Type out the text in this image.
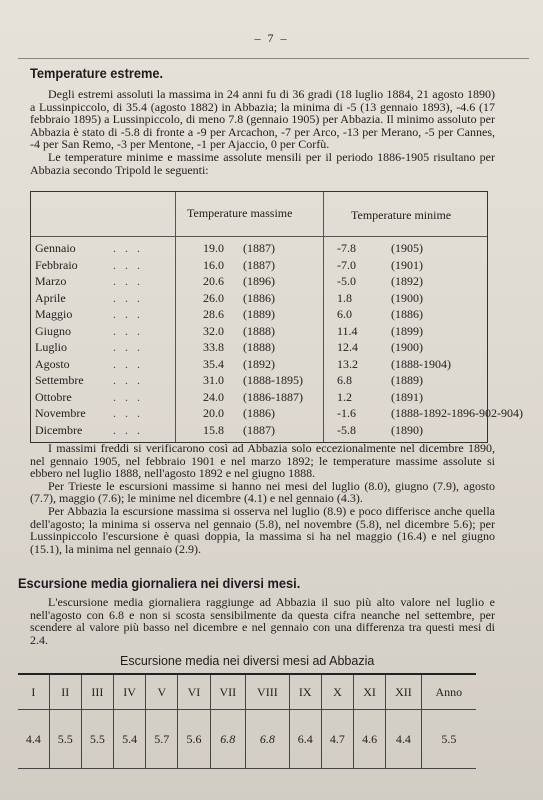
– 7 –
Temperature estreme.

Degli estremi assoluti la massima in 24 anni fu di 36 gradi (18 luglio 1884, 21 agosto 1890) a Lussinpiccolo, di 35.4 (agosto 1882) in Abbazia; la minima di -5 (13 gennaio 1893), -4.6 (17 febbraio 1895) a Lussinpiccolo, di meno 7.8 (gennaio 1905) per Abbazia. Il minimo assoluto per Abbazia è stato di -5.8 di fronte a -9 per Arcachon, -7 per Arco, -13 per Merano, -5 per Cannes, -4 per San Remo, -3 per Mentone, -1 per Ajaccio, 0 per Corfù.

Le temperature minime e massime assolute mensili per il periodo 1886-1905 risultano per Abbazia secondo Tripold le seguenti:

Temperature massime	Temperature minime
Gennaio	. . .	19.0 (1887)	-7.8	(1905)
Febbraio	. . .	16.0 (1887)	-7.0	(1901)
Marzo	. . .	20.6 (1896)	-5.0	(1892)
Aprile	. . .	26.0 (1886)	1.8	(1900)
Maggio	. . .	28.6 (1889)	6.0	(1886)
Giugno	. . .	32.0 (1888)	11.4	(1899)
Luglio	. . .	33.8 (1888)	12.4	(1900)
Agosto	. . .	35.4 (1892)	13.2	(1888-1904)
Settembre . . .	31.0 (1888-1895)	6.8	(1889)
Ottobre	. . .	24.0 (1886-1887)	1.2	(1891)
Novembre . . .	20.0 (1886)	-1.6	(1888-1892-1896-902-904)
Dicembre	. . .	15.8 (1887)	-5.8	(1890)

I massimi freddi si verificarono così ad Abbazia solo eccezionalmente nel dicembre 1890, nel gennaio 1905, nel febbraio 1901 e nel marzo 1892; le temperature massime assolute si ebbero nel luglio 1888, nell'agosto 1892 e nel giugno 1888.

Per Trieste le escursioni massime si hanno nei mesi del luglio (8.0), giugno (7.9), agosto (7.7), maggio (7.6); le minime nel dicembre (4.1) e nel gennaio (4.3).

Per Abbazia la escursione massima si osserva nel luglio (8.9) e poco differisce anche quella dell'agosto; la minima si osserva nel gennaio (5.8), nel novembre (5.8), nel dicembre 5.6); per Lussinpiccolo l'escursione è quasi doppia, la massima si ha nel maggio (16.4) e nel giugno (15.1), la minima nel gennaio (2.9).

Escursione media giornaliera nei diversi mesi.

L'escursione media giornaliera raggiunge ad Abbazia il suo più alto valore nel luglio e nell'agosto con 6.8 e non si scosta sensibilmente da questa cifra neanche nel settembre, per scendere al valore più basso nel dicembre e nel gennaio con una differenza tra questi mesi di 2.4.

Escursione media nei diversi mesi ad Abbazia
I	II	III	IV	V	VI	VII	VIII	IX	X	XI	XII	Anno
4.4	5.5	5.5	5.4	5.7	5.6	6.8	6.8	6.4	4.7	4.6	4.4	5.5
